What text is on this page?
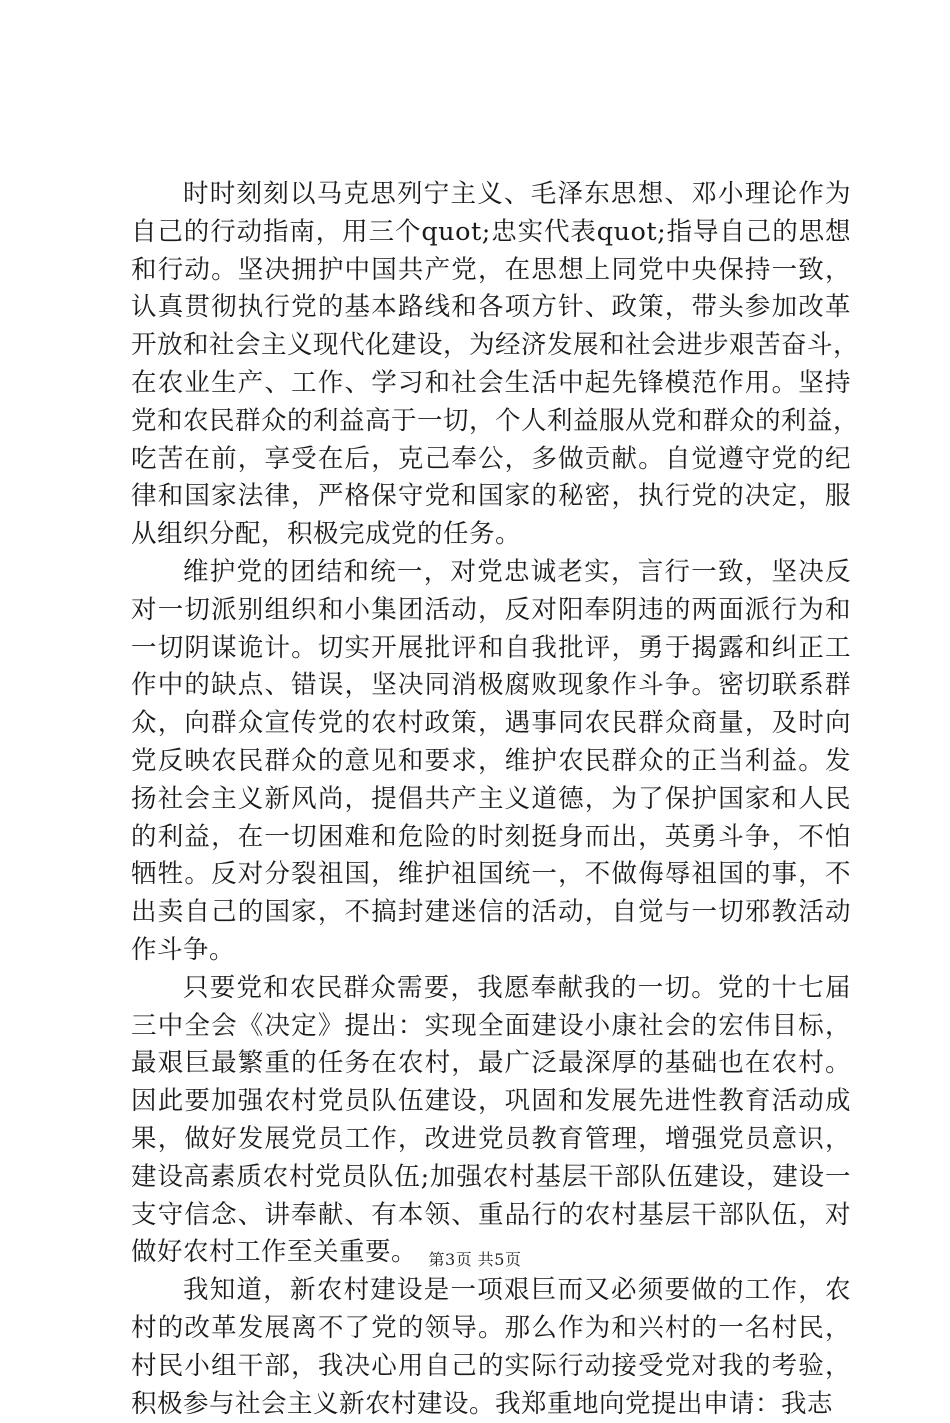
时时刻刻以马克思列宁主义、毛泽东思想、邓小理论作为
自己的行动指南，用三个quot;忠实代表quot;指导自己的思想
和行动。坚决拥护中国共产党，在思想上同党中央保持一致，
认真贯彻执行党的基本路线和各项方针、政策，带头参加改革
开放和社会主义现代化建设，为经济发展和社会进步艰苦奋斗，
在农业生产、工作、学习和社会生活中起先锋模范作用。坚持
党和农民群众的利益高于一切，个人利益服从党和群众的利益，
吃苦在前，享受在后，克己奉公，多做贡献。自觉遵守党的纪
律和国家法律，严格保守党和国家的秘密，执行党的决定，服
从组织分配，积极完成党的任务。
维护党的团结和统一，对党忠诚老实，言行一致，坚决反
对一切派别组织和小集团活动，反对阳奉阴违的两面派行为和
一切阴谋诡计。切实开展批评和自我批评，勇于揭露和纠正工
作中的缺点、错误，坚决同消极腐败现象作斗争。密切联系群
众，向群众宣传党的农村政策，遇事同农民群众商量，及时向
党反映农民群众的意见和要求，维护农民群众的正当利益。发
扬社会主义新风尚，提倡共产主义道德，为了保护国家和人民
的利益，在一切困难和危险的时刻挺身而出，英勇斗争，不怕
牺牲。反对分裂祖国，维护祖国统一，不做侮辱祖国的事，不
出卖自己的国家，不搞封建迷信的活动，自觉与一切邪教活动
作斗争。
只要党和农民群众需要，我愿奉献我的一切。党的十七届
三中全会《决定》提出：实现全面建设小康社会的宏伟目标，
最艰巨最繁重的任务在农村，最广泛最深厚的基础也在农村。
因此要加强农村党员队伍建设，巩固和发展先进性教育活动成
果，做好发展党员工作，改进党员教育管理，增强党员意识，
建设高素质农村党员队伍;加强农村基层干部队伍建设，建设一
支守信念、讲奉献、有本领、重品行的农村基层干部队伍，对
做好农村工作至关重要。
我知道，新农村建设是一项艰巨而又必须要做的工作，农
村的改革发展离不了党的领导。那么作为和兴村的一名村民，
村民小组干部，我决心用自己的实际行动接受党对我的考验，
积极参与社会主义新农村建设。我郑重地向党提出申请：我志
第3页 共5页
